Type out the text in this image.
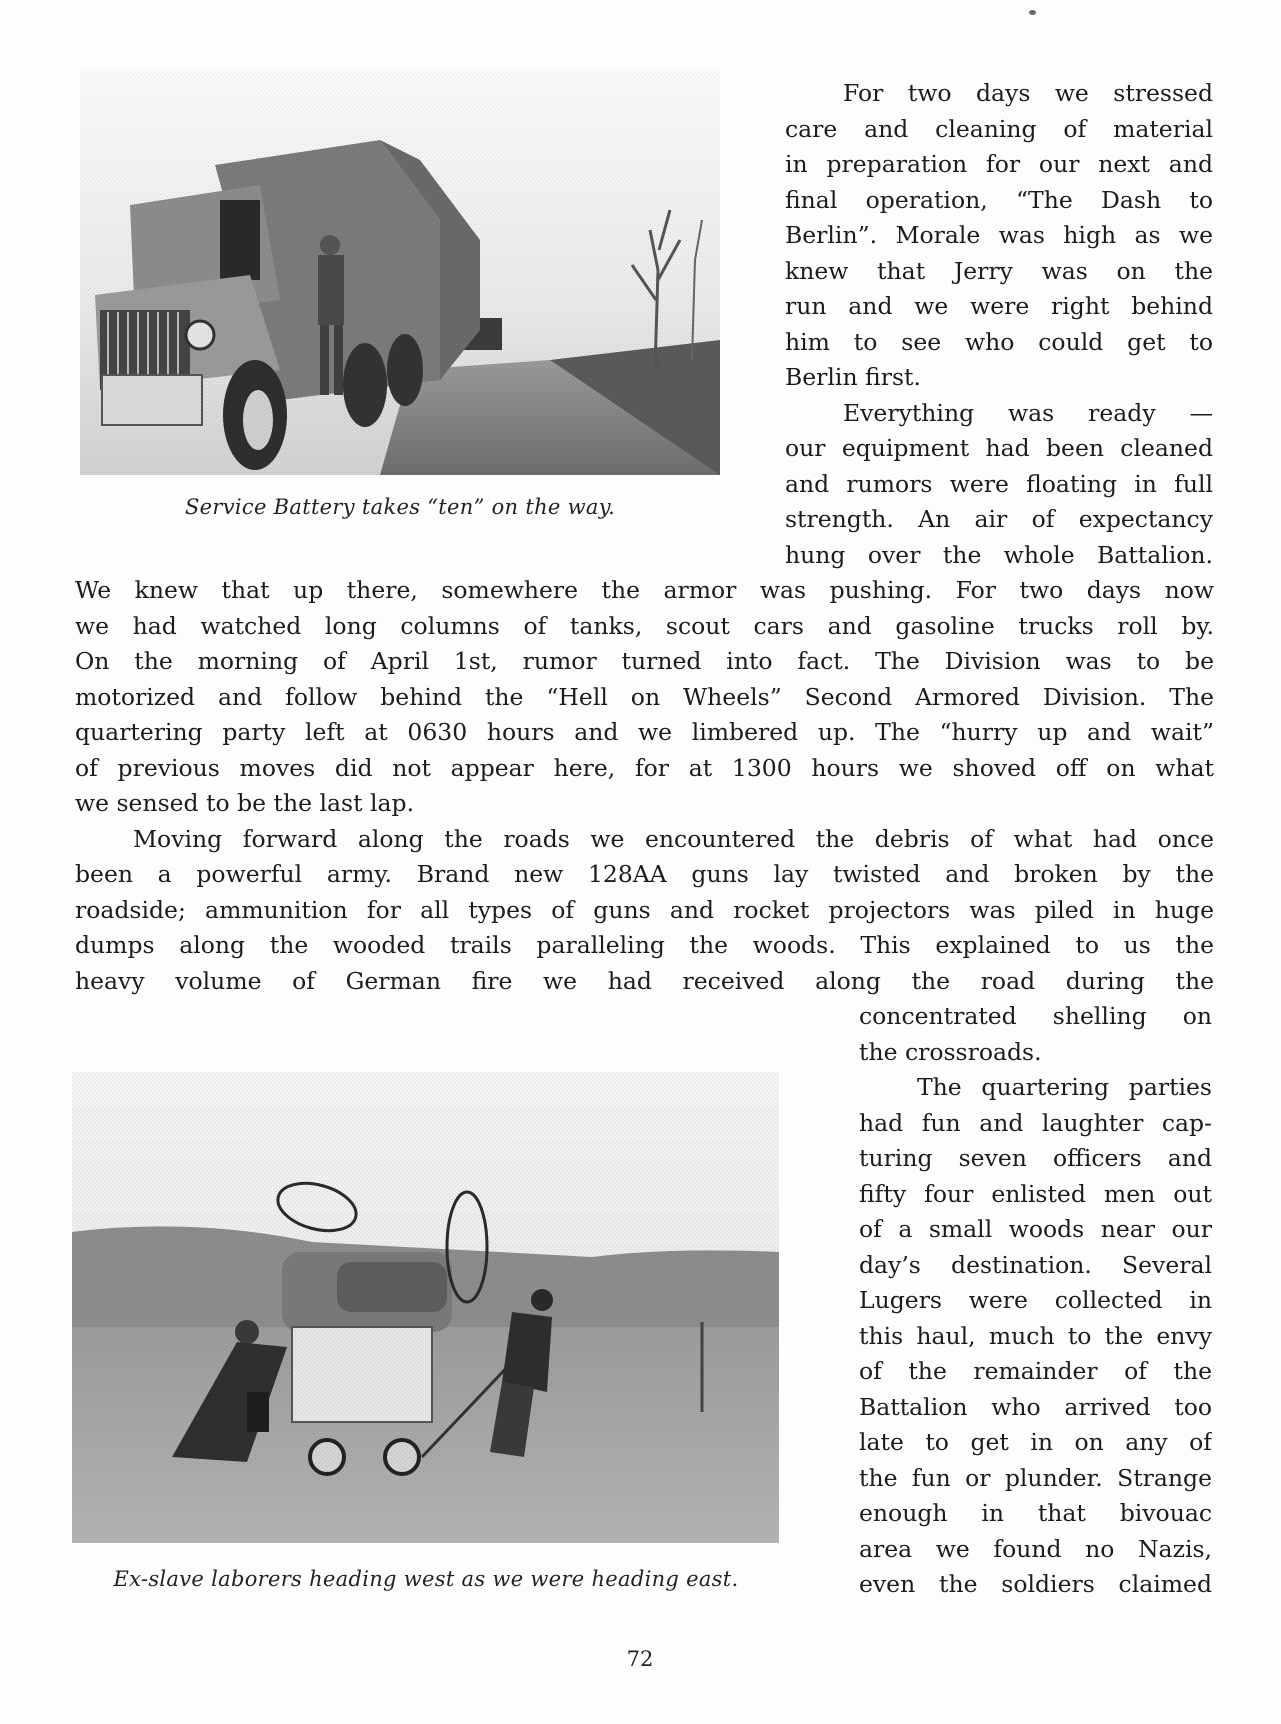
Service Battery takes “ten” on the way.
For two days we stressed
care and cleaning of material
in preparation for our next and
final operation, “The Dash to
Berlin”. Morale was high as we
knew that Jerry was on the
run and we were right behind
him to see who could get to
Berlin first.
Everything was ready —
our equipment had been cleaned
and rumors were floating in full
strength. An air of expectancy
hung over the whole Battalion.
We knew that up there, somewhere the armor was pushing. For two days now
we had watched long columns of tanks, scout cars and gasoline trucks roll by.
On the morning of April 1st, rumor turned into fact. The Division was to be
motorized and follow behind the “Hell on Wheels” Second Armored Division. The
quartering party left at 0630 hours and we limbered up. The “hurry up and wait”
of previous moves did not appear here, for at 1300 hours we shoved off on what
we sensed to be the last lap.
Moving forward along the roads we encountered the debris of what had once
been a powerful army. Brand new 128AA guns lay twisted and broken by the
roadside; ammunition for all types of guns and rocket projectors was piled in huge
dumps along the wooded trails paralleling the woods. This explained to us the
heavy volume of German fire we had received along the road during the
Ex-slave laborers heading west as we were heading east.
concentrated shelling on
the crossroads.
The quartering parties
had fun and laughter cap-
turing seven officers and
fifty four enlisted men out
of a small woods near our
day’s destination. Several
Lugers were collected in
this haul, much to the envy
of the remainder of the
Battalion who arrived too
late to get in on any of
the fun or plunder. Strange
enough in that bivouac
area we found no Nazis,
even the soldiers claimed
72
